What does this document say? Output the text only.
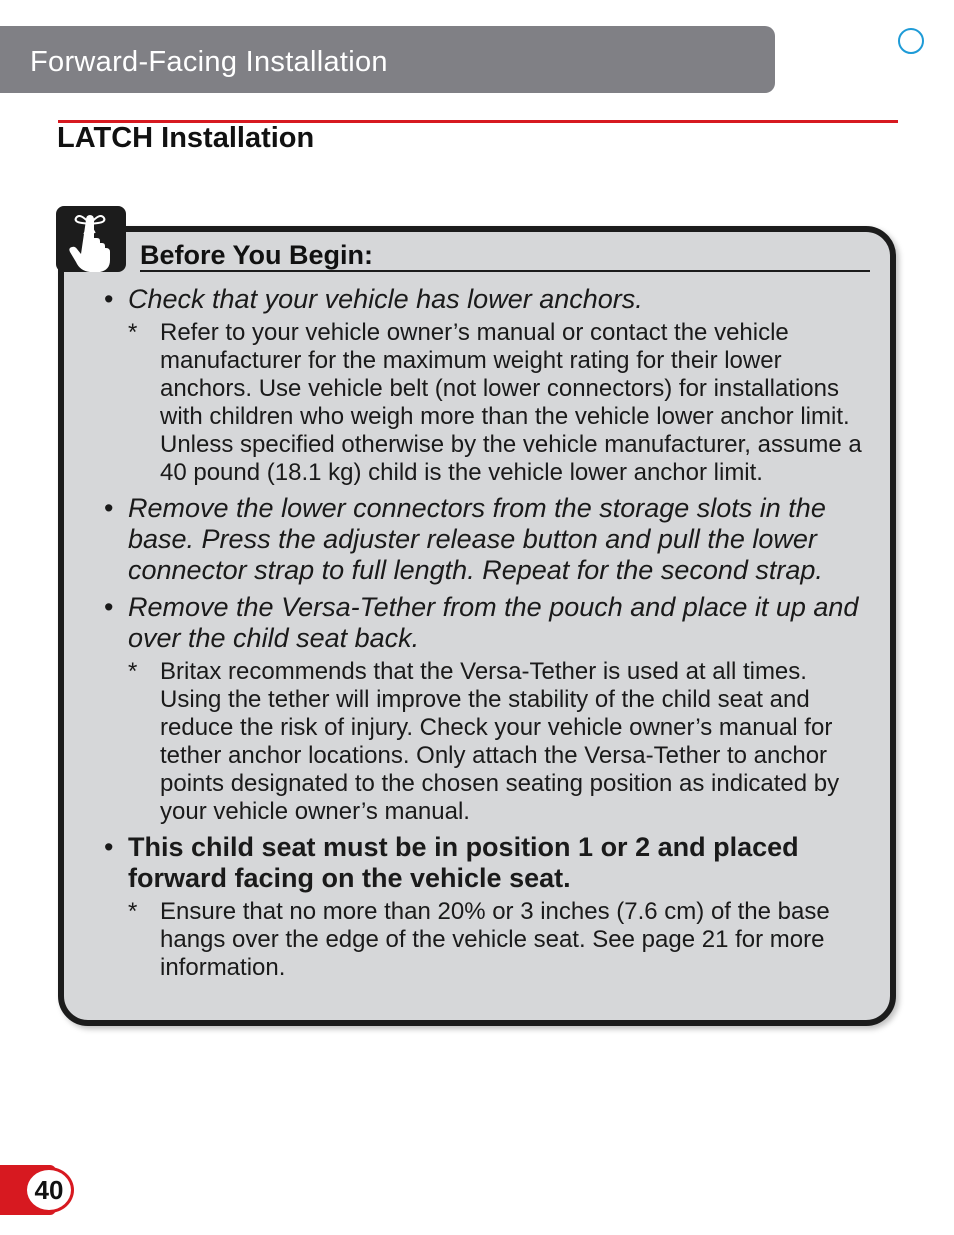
Forward-Facing Installation
LATCH Installation
Before You Begin:
• Check that your vehicle has lower anchors.
* Refer to your vehicle owner’s manual or contact the vehicle manufacturer for the maximum weight rating for their lower anchors. Use vehicle belt (not lower connectors) for installations with children who weigh more than the vehicle lower anchor limit. Unless specified otherwise by the vehicle manufacturer, assume a 40 pound (18.1 kg) child is the vehicle lower anchor limit.
• Remove the lower connectors from the storage slots in the base. Press the adjuster release button and pull the lower connector strap to full length. Repeat for the second strap.
• Remove the Versa-Tether from the pouch and place it up and over the child seat back.
* Britax recommends that the Versa-Tether is used at all times. Using the tether will improve the stability of the child seat and reduce the risk of injury. Check your vehicle owner’s manual for tether anchor locations. Only attach the Versa-Tether to anchor points designated to the chosen seating position as indicated by your vehicle owner’s manual.
• This child seat must be in position 1 or 2 and placed forward facing on the vehicle seat.
* Ensure that no more than 20% or 3 inches (7.6 cm) of the base hangs over the edge of the vehicle seat. See page 21 for more information.
40
